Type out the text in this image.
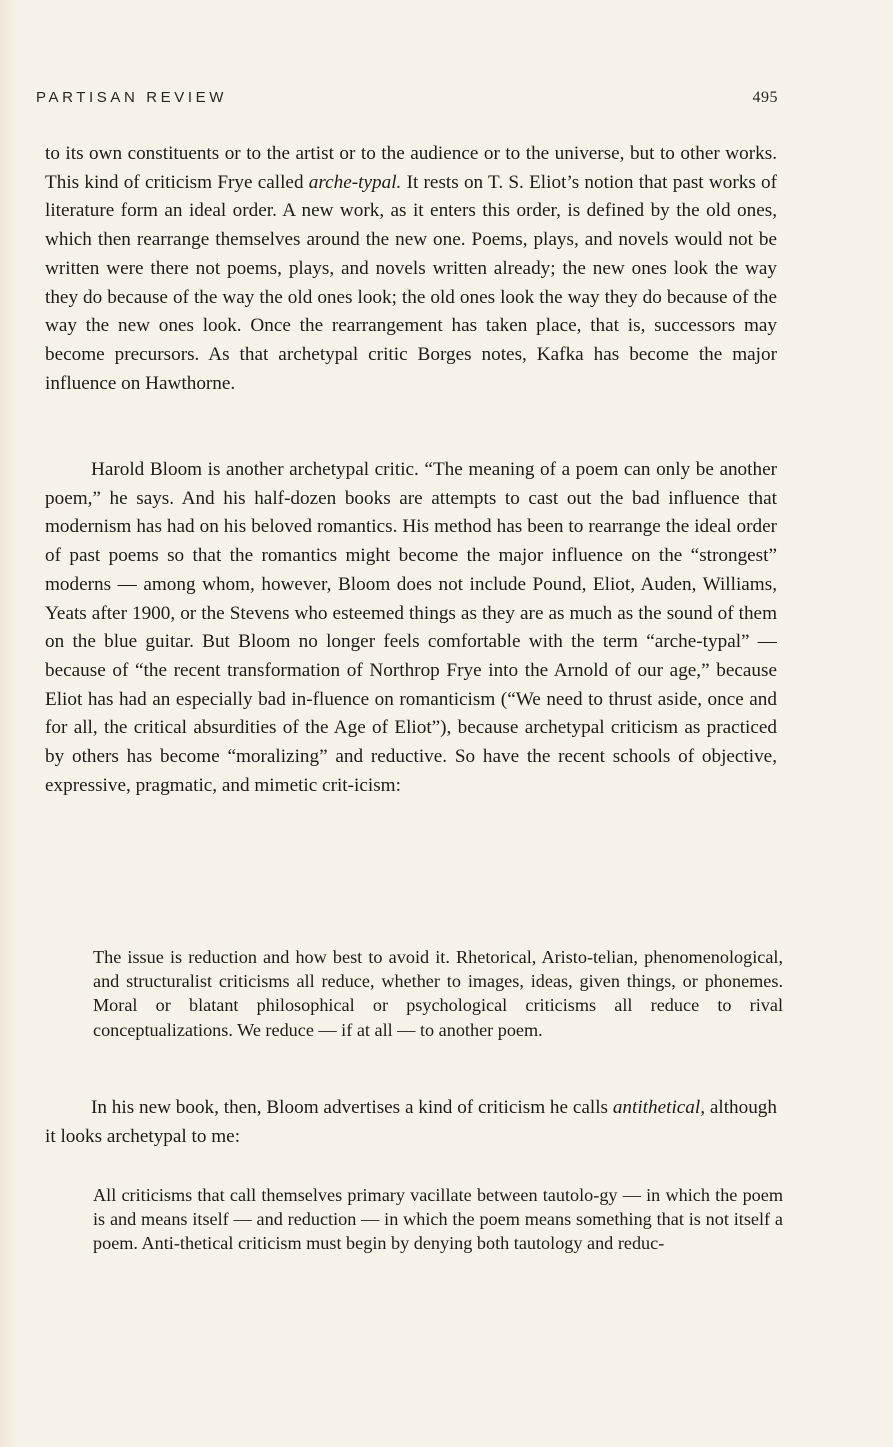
PARTISAN REVIEW	495

to its own constituents or to the artist or to the audience or to the universe, but to other works. This kind of criticism Frye called arche-typal. It rests on T. S. Eliot’s notion that past works of literature form an ideal order. A new work, as it enters this order, is defined by the old ones, which then rearrange themselves around the new one. Poems, plays, and novels would not be written were there not poems, plays, and novels written already; the new ones look the way they do because of the way the old ones look; the old ones look the way they do because of the way the new ones look. Once the rearrangement has taken place, that is, successors may become precursors. As that archetypal critic Borges notes, Kafka has become the major influence on Hawthorne.

Harold Bloom is another archetypal critic. “The meaning of a poem can only be another poem,” he says. And his half-dozen books are attempts to cast out the bad influence that modernism has had on his beloved romantics. His method has been to rearrange the ideal order of past poems so that the romantics might become the major influence on the “strongest” moderns — among whom, however, Bloom does not include Pound, Eliot, Auden, Williams, Yeats after 1900, or the Stevens who esteemed things as they are as much as the sound of them on the blue guitar. But Bloom no longer feels comfortable with the term “arche-typal” — because of “the recent transformation of Northrop Frye into the Arnold of our age,” because Eliot has had an especially bad in-fluence on romanticism (“We need to thrust aside, once and for all, the critical absurdities of the Age of Eliot”), because archetypal criticism as practiced by others has become “moralizing” and reductive. So have the recent schools of objective, expressive, pragmatic, and mimetic crit-icism:

The issue is reduction and how best to avoid it. Rhetorical, Aristo-telian, phenomenological, and structuralist criticisms all reduce, whether to images, ideas, given things, or phonemes. Moral or blatant philosophical or psychological criticisms all reduce to rival conceptualizations. We reduce — if at all — to another poem.

In his new book, then, Bloom advertises a kind of criticism he calls antithetical, although it looks archetypal to me:

All criticisms that call themselves primary vacillate between tautolo-gy — in which the poem is and means itself — and reduction — in which the poem means something that is not itself a poem. Anti-thetical criticism must begin by denying both tautology and reduc-
